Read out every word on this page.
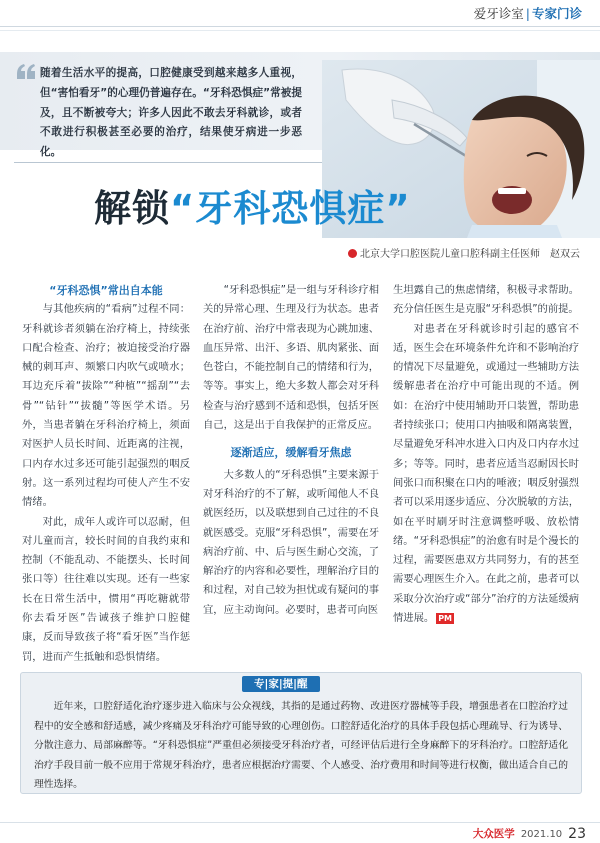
爱牙诊室 | 专家门诊
随着生活水平的提高，口腔健康受到越来越多人重视，但“害怕看牙”的心理仍普遍存在。“牙科恐惧症”常被提及，且不断被夸大；许多人因此不敢去牙科就诊，或者不敢进行积极甚至必要的治疗，结果使牙病进一步恶化。
解锁“牙科恐惧症”
北京大学口腔医院儿童口腔科副主任医师　赵双云

“牙科恐惧”常出自本能

与其他疾病的“看病”过程不同：牙科就诊者须躺在治疗椅上，持续张口配合检查、治疗；被迫接受治疗器械的刺耳声、频繁口内吹气或喷水；耳边充斥着“拔除”“种植”“摇刮”“去骨”“钻针”“拔髓”等医学术语。另外，当患者躺在牙科治疗椅上，须面对医护人员长时间、近距离的注视，口内存水过多还可能引起强烈的咽反射。这一系列过程均可使人产生不安情绪。

对此，成年人或许可以忍耐，但对儿童而言，较长时间的自我约束和控制（不能乱动、不能摆头、长时间张口等）往往难以实现。还有一些家长在日常生活中，惯用“再吃糖就带你去看牙医”告诫孩子维护口腔健康，反而导致孩子将“看牙医”当作惩罚，进而产生抵触和恐惧情绪。

“牙科恐惧症”是一组与牙科诊疗相关的异常心理、生理及行为状态。患者在治疗前、治疗中常表现为心跳加速、血压异常、出汗、多语、肌肉紧张、面色苍白，不能控制自己的情绪和行为，等等。事实上，绝大多数人都会对牙科检查与治疗感到不适和恐惧，包括牙医自己，这是出于自我保护的正常反应。

逐渐适应，缓解看牙焦虑

大多数人的“牙科恐惧”主要来源于对牙科治疗的不了解，或听闻他人不良就医经历，以及联想到自己过往的不良就医感受。克服“牙科恐惧”，需要在牙病治疗前、中、后与医生耐心交流，了解治疗的内容和必要性，理解治疗目的和过程，对自己较为担忧或有疑问的事宜，应主动询问。必要时，患者可向医

生坦露自己的焦虑情绪，积极寻求帮助。充分信任医生是克服“牙科恐惧”的前提。

对患者在牙科就诊时引起的感官不适，医生会在环境条件允许和不影响治疗的情况下尽量避免，或通过一些辅助方法缓解患者在治疗中可能出现的不适。例如：在治疗中使用辅助开口装置，帮助患者持续张口；使用口内抽吸和隔离装置，尽量避免牙科冲水进入口内及口内存水过多；等等。同时，患者应适当忍耐因长时间张口而积聚在口内的唾液；咽反射强烈者可以采用逐步适应、分次脱敏的方法，如在平时刷牙时注意调整呼吸、放松情绪。“牙科恐惧症”的治愈有时是个漫长的过程，需要医患双方共同努力，有的甚至需要心理医生介入。在此之前，患者可以采取分次治疗或“部分”治疗的方法延缓病情进展。 PM

专|家|提|醒
近年来，口腔舒适化治疗逐步进入临床与公众视线，其指的是通过药物、改进医疗器械等手段，增强患者在口腔治疗过程中的安全感和舒适感，减少疼痛及牙科治疗可能导致的心理创伤。口腔舒适化治疗的具体手段包括心理疏导、行为诱导、分散注意力、局部麻醉等。“牙科恐惧症”严重但必须接受牙科治疗者，可经评估后进行全身麻醉下的牙科治疗。口腔舒适化治疗手段目前一般不应用于常规牙科治疗，患者应根据治疗需要、个人感受、治疗费用和时间等进行权衡，做出适合自己的理性选择。
大众医学 2021.10 23
